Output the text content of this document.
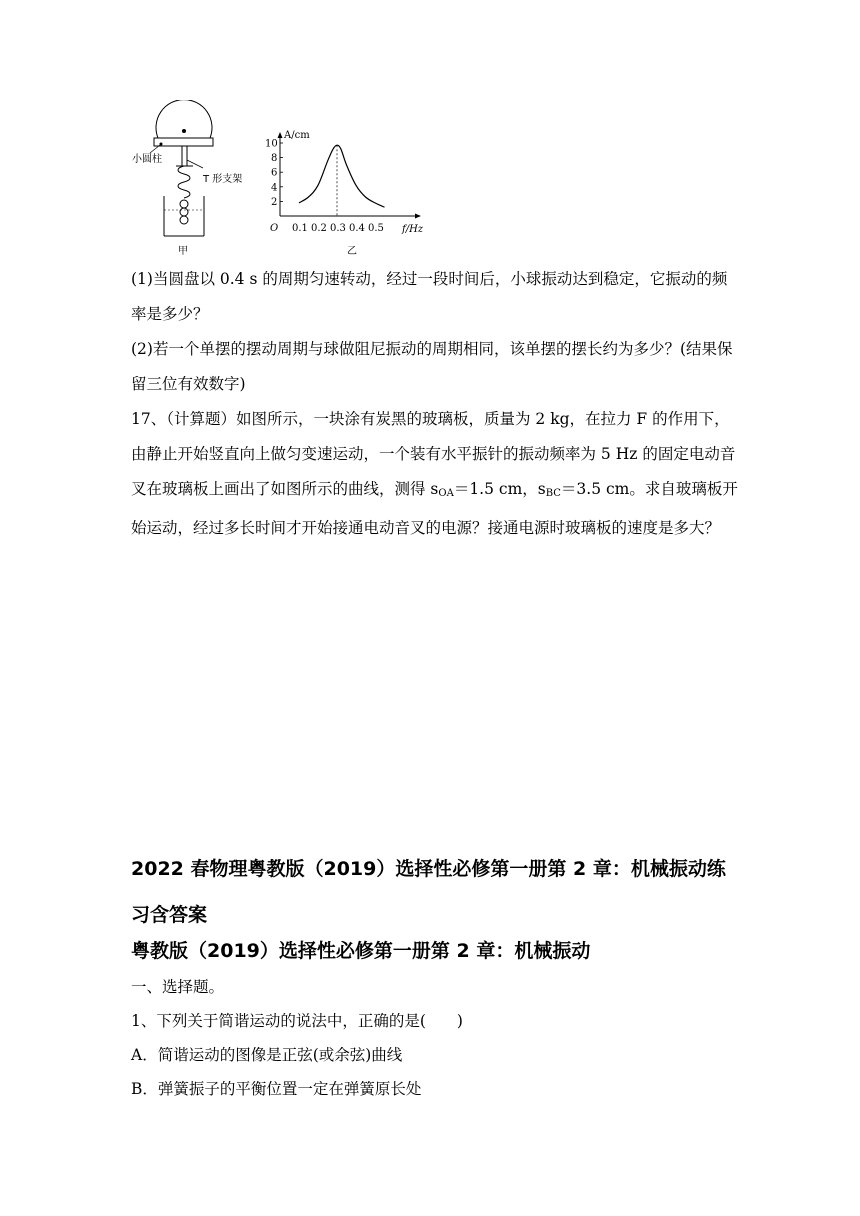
小圆柱
T 形支架
甲
A/cm
f/Hz
O 0.1 0.2 0.3 0.4 0.5
2
4
6
8
10
乙

(1)当圆盘以 0.4 s 的周期匀速转动，经过一段时间后，小球振动达到稳定，它振动的频率是多少？

(2)若一个单摆的摆动周期与球做阻尼振动的周期相同，该单摆的摆长约为多少？(结果保留三位有效数字)

17、（计算题）如图所示，一块涂有炭黑的玻璃板，质量为 2 kg，在拉力 F 的作用下，由静止开始竖直向上做匀变速运动，一个装有水平振针的振动频率为 5 Hz 的固定电动音叉在玻璃板上画出了如图所示的曲线，测得 $s_{OA}=1.5$ cm，$s_{BC}=3.5$ cm。求自玻璃板开始运动，经过多长时间才开始接通电动音叉的电源？接通电源时玻璃板的速度是多大？

2022 春物理粤教版（2019）选择性必修第一册第 2 章：机械振动练习含答案

粤教版（2019）选择性必修第一册第 2 章：机械振动

一、选择题。

1、下列关于简谐运动的说法中，正确的是(　　)

A．简谐运动的图像是正弦(或余弦)曲线

B．弹簧振子的平衡位置一定在弹簧原长处
